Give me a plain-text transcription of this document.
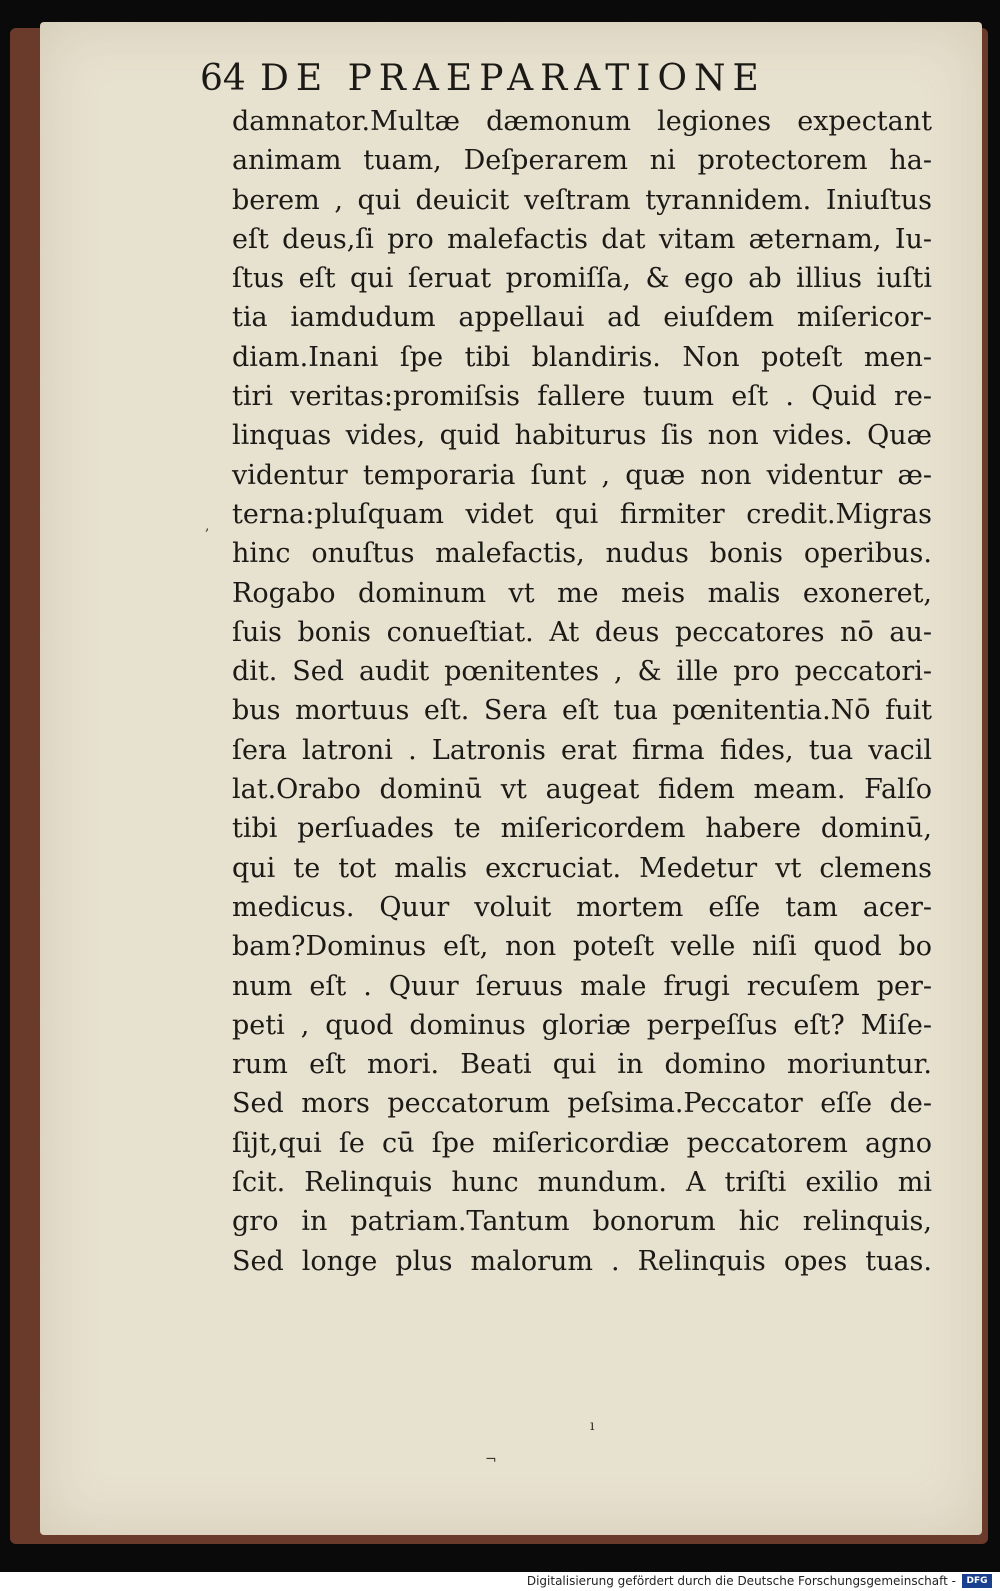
64 DE PRAEPARATIONE
damnator.Multæ dæmonum legiones expectant
animam tuam, Deſperarem ni protectorem ha-
berem , qui deuicit veſtram tyrannidem. Iniuſtus
eſt deus,ſi pro malefactis dat vitam æternam, Iu-
ſtus eſt qui ſeruat promiſſa, & ego ab illius iuſti
tia iamdudum appellaui ad eiuſdem miſericor-
diam.Inani ſpe tibi blandiris. Non poteſt men-
tiri veritas:promiſsis fallere tuum eſt . Quid re-
linquas vides, quid habiturus ſis non vides. Quæ
videntur temporaria ſunt , quæ non videntur æ-
terna:pluſquam videt qui firmiter credit.Migras
hinc onuſtus malefactis, nudus bonis operibus.
Rogabo dominum vt me meis malis exoneret,
ſuis bonis conueſtiat. At deus peccatores nō au-
dit. Sed audit pœnitentes , & ille pro peccatori-
bus mortuus eſt. Sera eſt tua pœnitentia.Nō fuit
ſera latroni . Latronis erat firma fides, tua vacil
lat.Orabo dominū vt augeat fidem meam. Falſo
tibi perſuades te miſericordem habere dominū,
qui te tot malis excruciat. Medetur vt clemens
medicus. Quur voluit mortem eſſe tam acer-
bam?Dominus eſt, non poteſt velle niſi quod bo
num eſt . Quur ſeruus male frugi recuſem per-
peti , quod dominus gloriæ perpeſſus eſt? Miſe-
rum eſt mori. Beati qui in domino moriuntur.
Sed mors peccatorum peſsima.Peccator eſſe de-
ſijt,qui ſe cū ſpe miſericordiæ peccatorem agno
ſcit. Relinquis hunc mundum. A triſti exilio mi
gro in patriam.Tantum bonorum hic relinquis,
Sed longe plus malorum . Relinquis opes tuas.
,
ı
¬
Digitalisierung gefördert durch die Deutsche Forschungsgemeinschaft -	DFG
